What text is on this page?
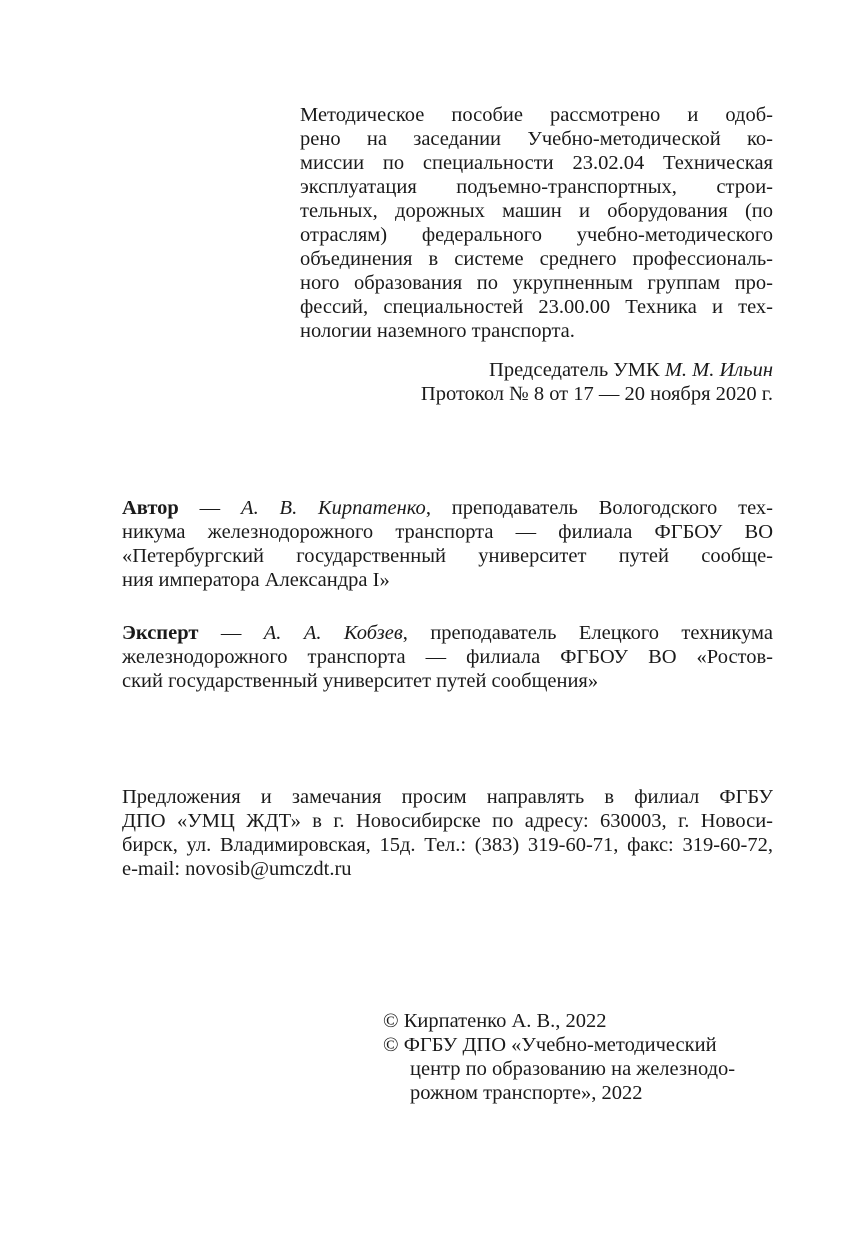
Методическое пособие рассмотрено и одоб-
рено на заседании Учебно-методической ко-
миссии по специальности 23.02.04 Техническая
эксплуатация подъемно-транспортных, строи-
тельных, дорожных машин и оборудования (по
отраслям) федерального учебно-методического
объединения в системе среднего профессиональ-
ного образования по укрупненным группам про-
фессий, специальностей 23.00.00 Техника и тех-
нологии наземного транспорта.
Председатель УМК М. М. Ильин
Протокол № 8 от 17 — 20 ноября 2020 г.
Автор — А. В. Кирпатенко, преподаватель Вологодского тех-
никума железнодорожного транспорта — филиала ФГБОУ ВО
«Петербургский государственный университет путей сообще-
ния императора Александра I»
Эксперт — А. А. Кобзев, преподаватель Елецкого техникума
железнодорожного транспорта — филиала ФГБОУ ВО «Ростов-
ский государственный университет путей сообщения»
Предложения и замечания просим направлять в филиал ФГБУ
ДПО «УМЦ ЖДТ» в г. Новосибирске по адресу: 630003, г. Новоси-
бирск, ул. Владимировская, 15д. Тел.: (383) 319-60-71, факс: 319-60-72,
e-mail: novosib@umczdt.ru
© Кирпатенко А. В., 2022
© ФГБУ ДПО «Учебно-методический
центр по образованию на железнодо-
рожном транспорте», 2022
